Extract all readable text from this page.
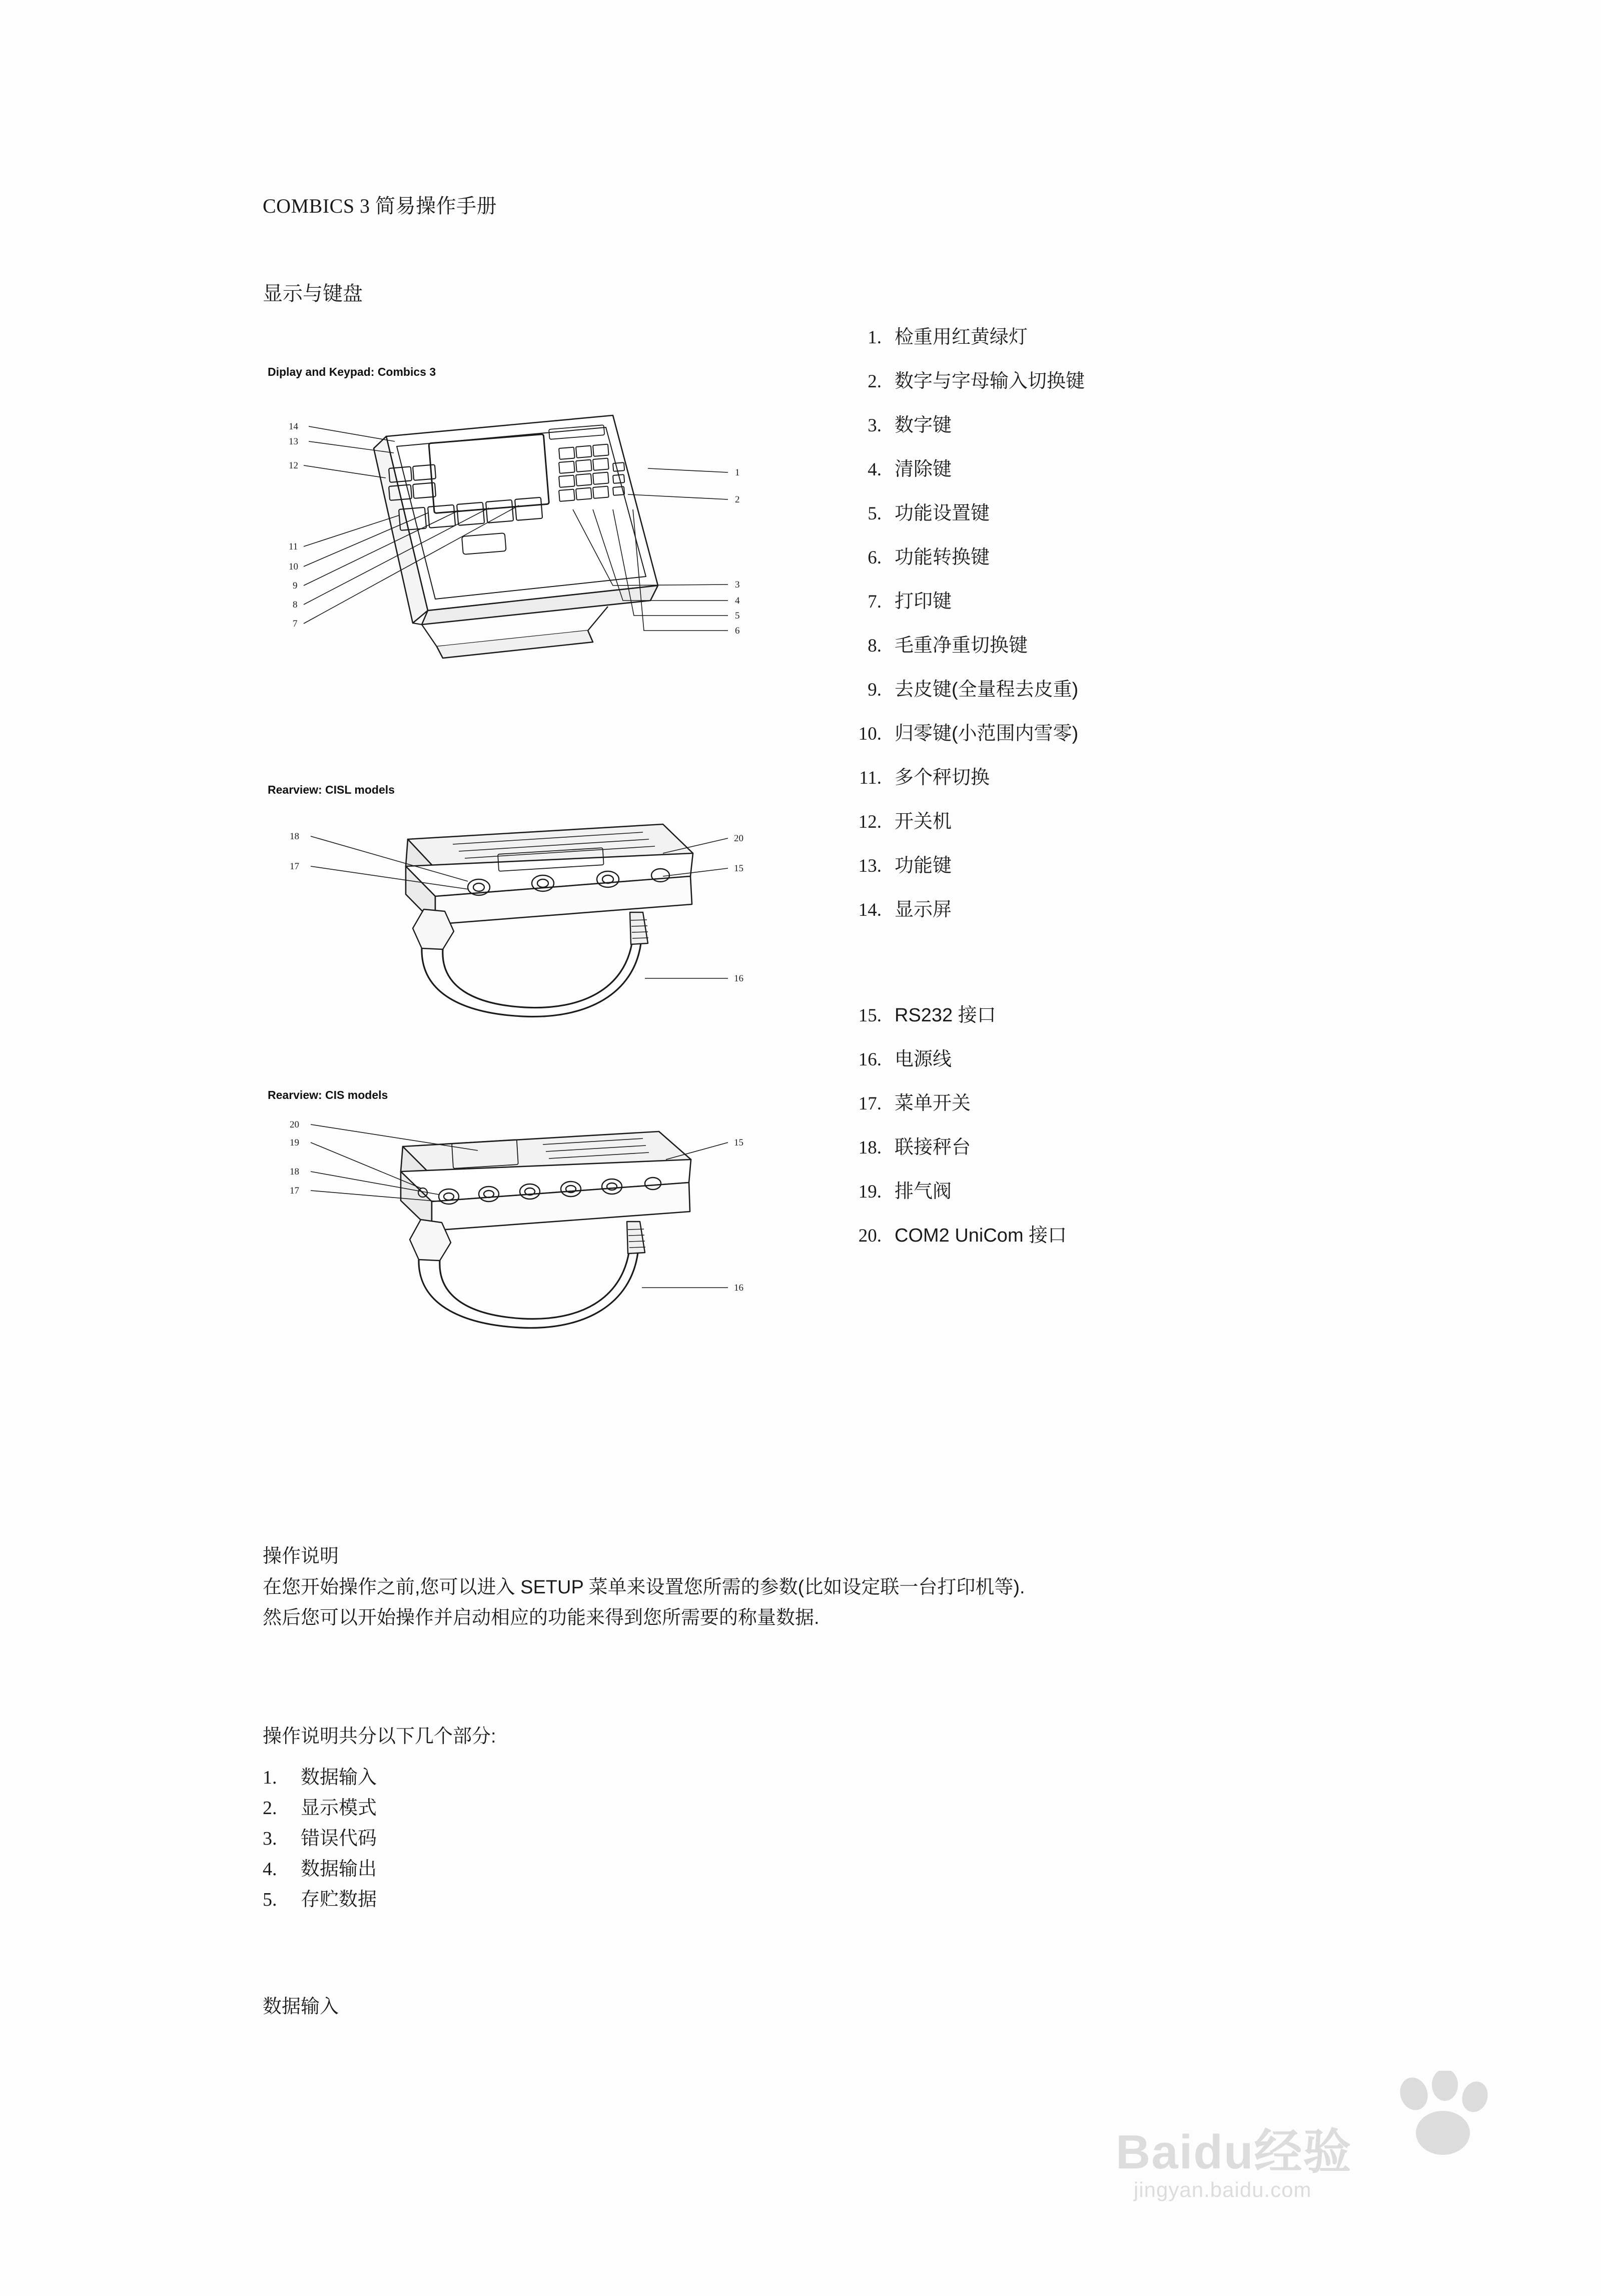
COMBICS 3 简易操作手册
显示与键盘
Diplay and Keypad: Combics 3
14
13
12
11
10
9
8
7
1
2
3
4
5
6
Rearview: CISL models
18
17
20
15
16
Rearview: CIS models
20
19
18
17
15
16
1. 检重用红黄绿灯
2. 数字与字母输入切换键
3. 数字键
4. 清除键
5. 功能设置键
6. 功能转换键
7. 打印键
8. 毛重净重切换键
9. 去皮键(全量程去皮重)
10. 归零键(小范围内雪零)
11. 多个秤切换
12. 开关机
13. 功能键
14. 显示屏
15. RS232 接口
16. 电源线
17. 菜单开关
18. 联接秤台
19. 排气阀
20. COM2 UniCom 接口
操作说明
在您开始操作之前,您可以进入 SETUP 菜单来设置您所需的参数(比如设定联一台打印机等).
然后您可以开始操作并启动相应的功能来得到您所需要的称量数据.
操作说明共分以下几个部分:
1.	数据输入
2.	显示模式
3.	错误代码
4.	数据输出
5.	存贮数据
数据输入
Baidu经验
jingyan.baidu.com
